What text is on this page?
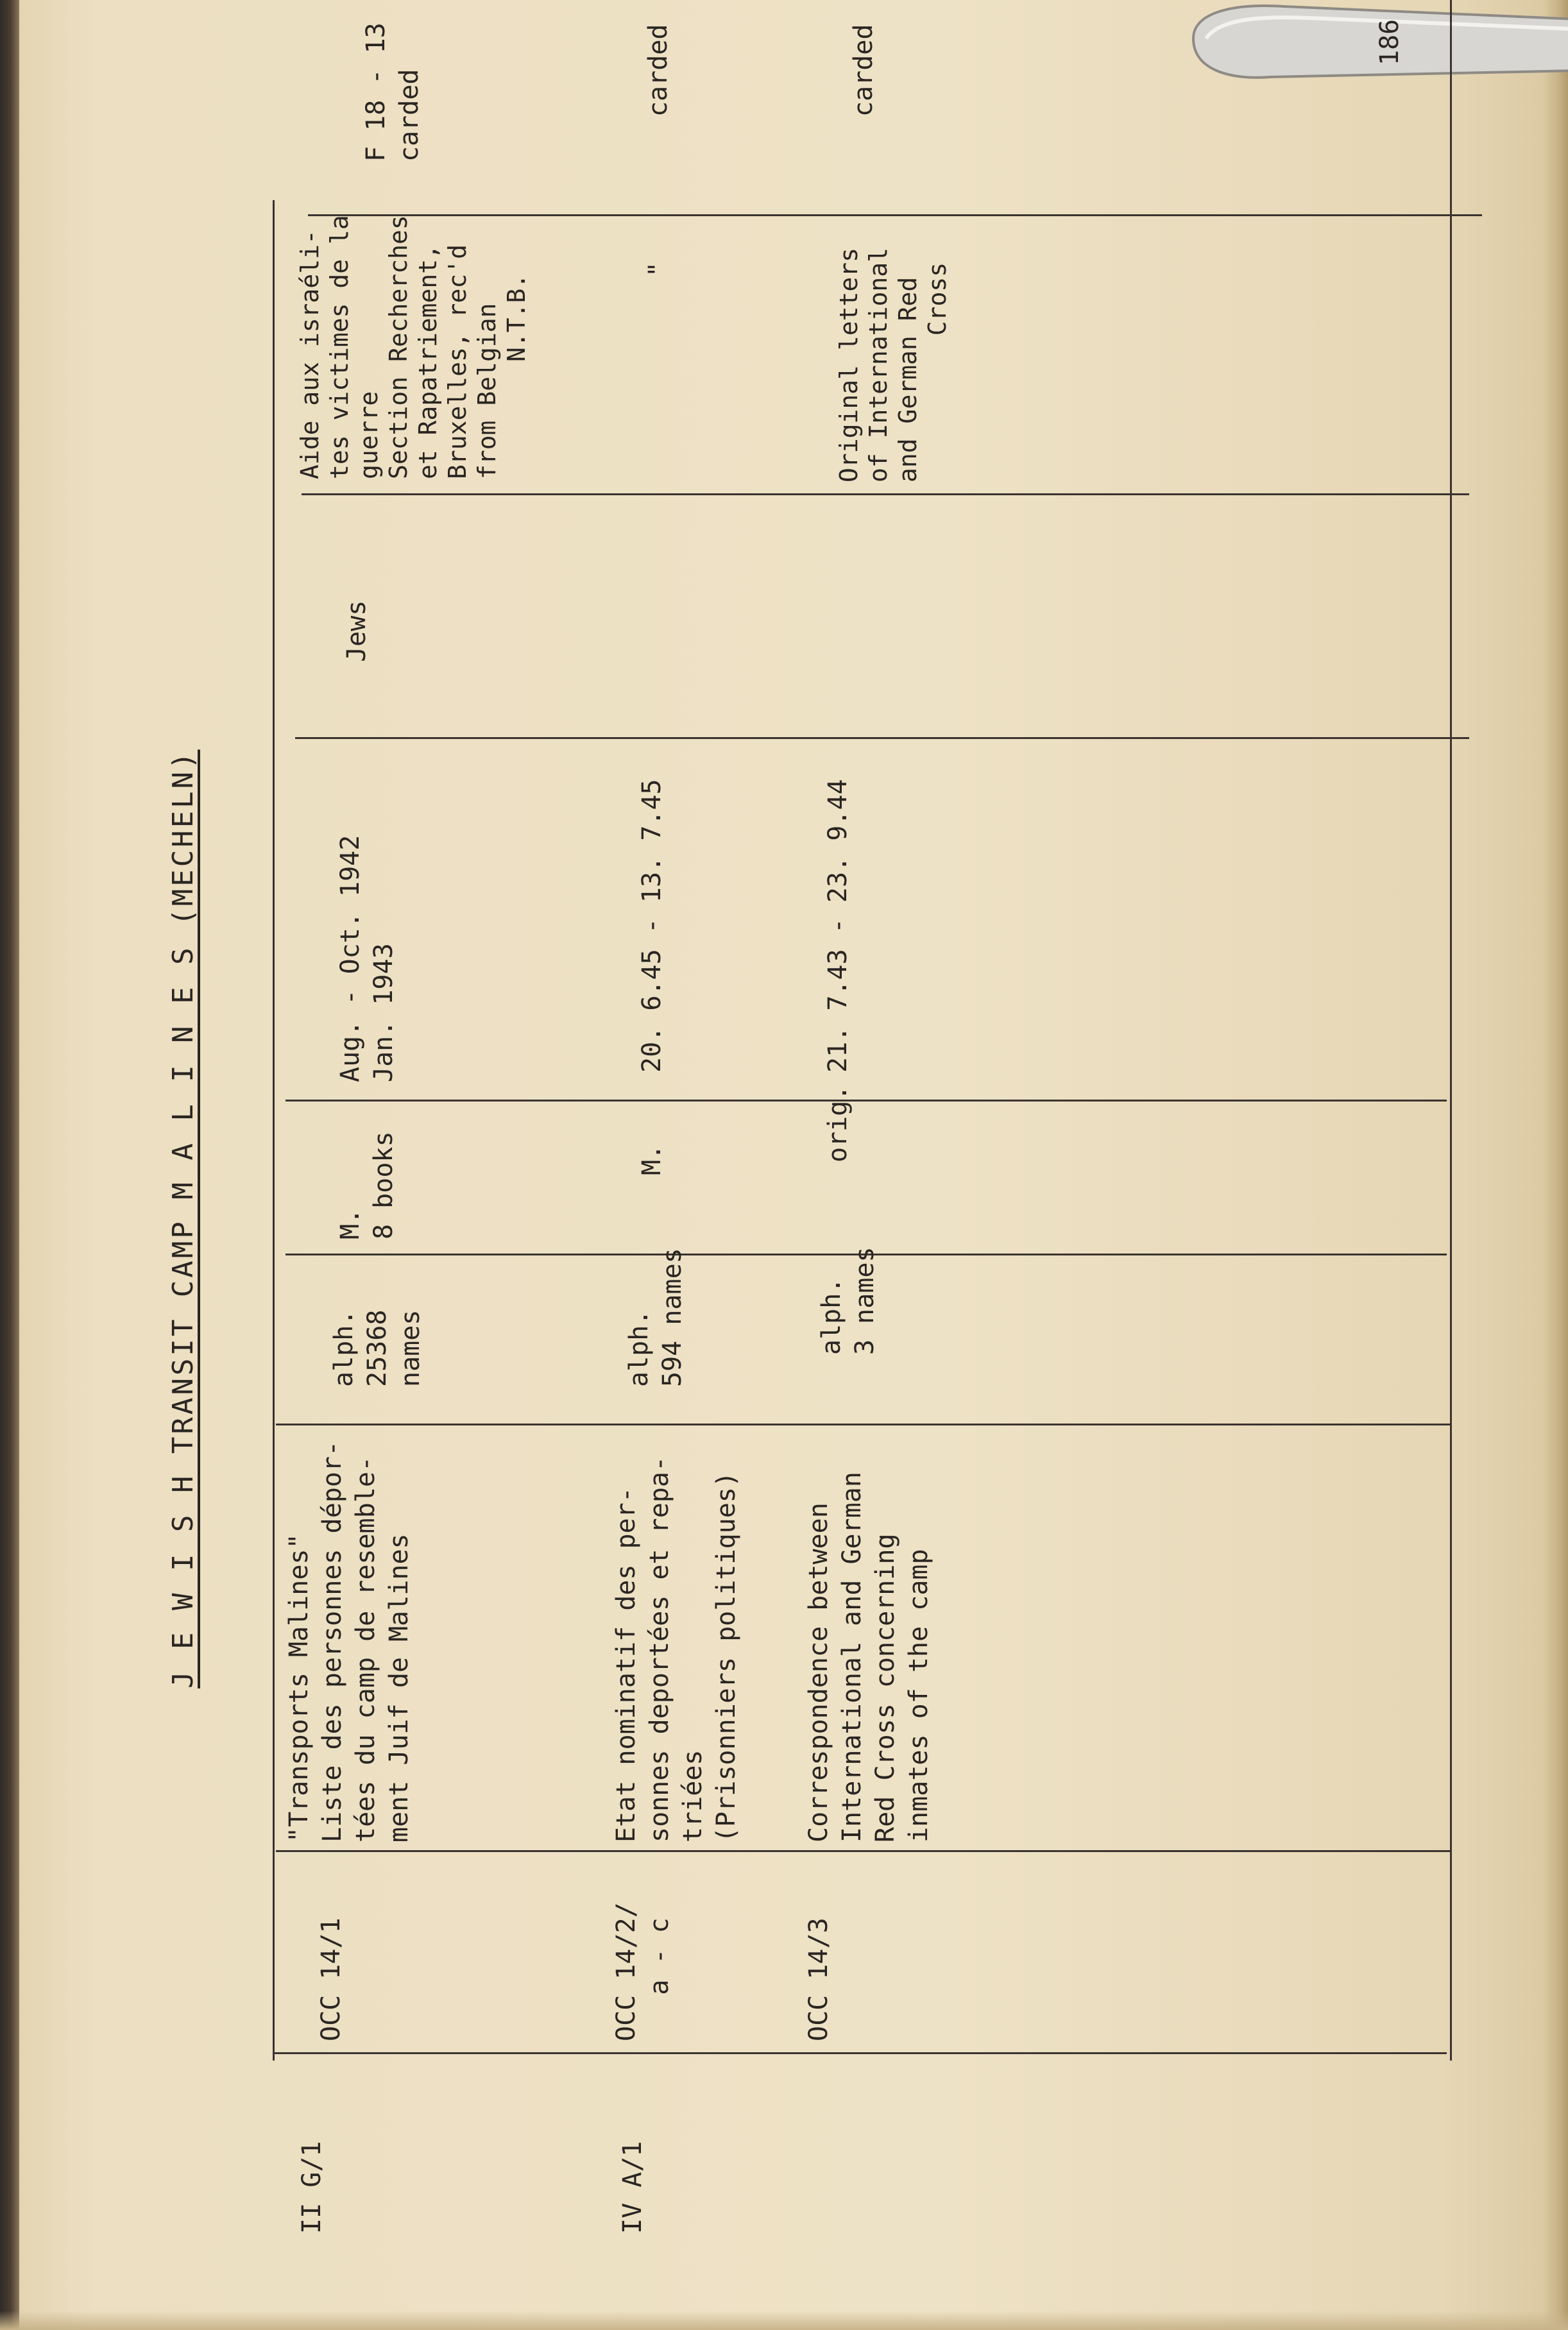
186
J E W I S H TRANSIT CAMP M A L I N E S (MECHELN)
II G/1
OCC 14/1
"Transports Malines"
Liste des personnes dépor-
tées du camp de resemble-
ment Juif de Malines
alph.
25368
names
M.
8 books
Aug. - Oct. 1942
Jan. 1943
Jews
Aide aux israéli-
tes victimes de la
guerre
Section Recherches
et Rapatriement,
Bruxelles, rec'd
from Belgian
N.T.B.
F 18 - 13
carded
IV A/1
OCC 14/2/
a - c
Etat nominatif des per-
sonnes deportées et repa-
triées
(Prisonniers politiques)
alph.
594 names
M.
20. 6.45 - 13. 7.45
"
carded
OCC 14/3
Correspondence between
International and German
Red Cross concerning
inmates of the camp
alph.
3 names
orig.
21. 7.43 - 23. 9.44
Original letters
of International
and German Red
Cross
carded
